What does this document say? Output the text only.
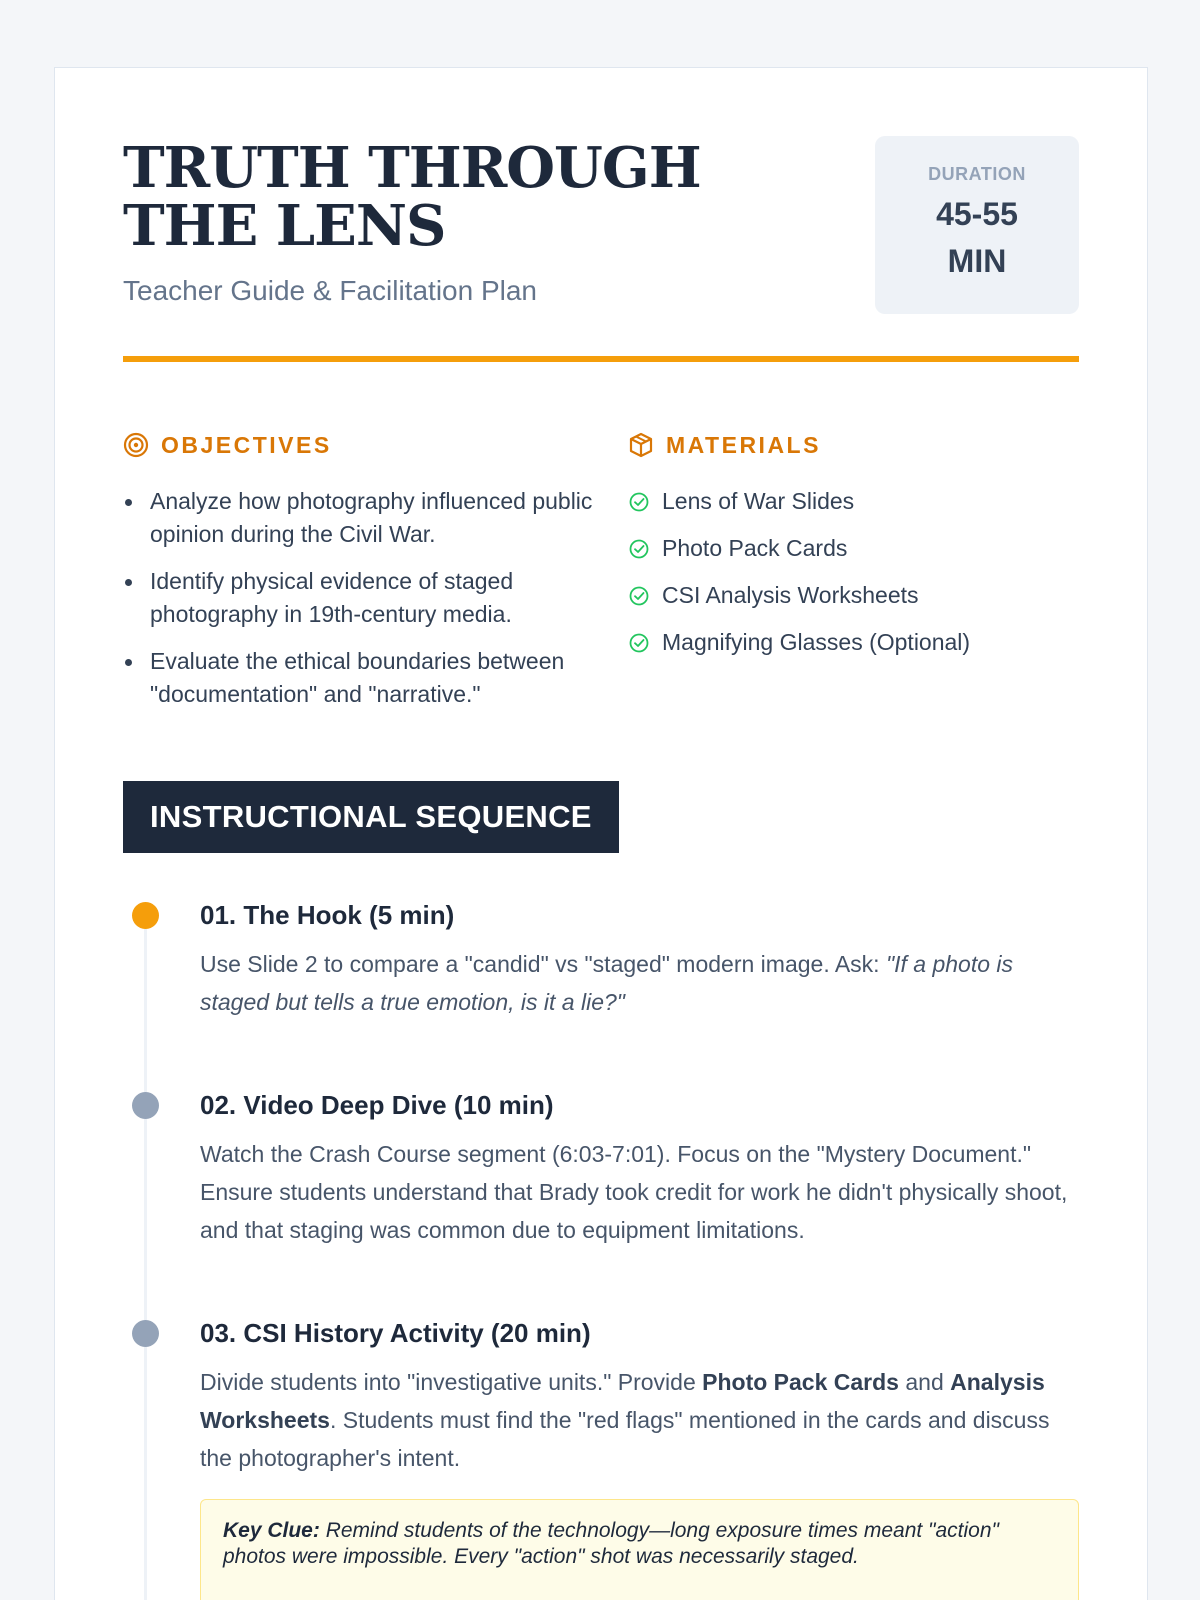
TRUTH THROUGH THE LENS
Teacher Guide & Facilitation Plan
DURATION
45-55 MIN
OBJECTIVES
Analyze how photography influenced public opinion during the Civil War.
Identify physical evidence of staged photography in 19th-century media.
Evaluate the ethical boundaries between "documentation" and "narrative."
MATERIALS
Lens of War Slides
Photo Pack Cards
CSI Analysis Worksheets
Magnifying Glasses (Optional)
INSTRUCTIONAL SEQUENCE
01. The Hook (5 min)
Use Slide 2 to compare a "candid" vs "staged" modern image. Ask: "If a photo is staged but tells a true emotion, is it a lie?"
02. Video Deep Dive (10 min)
Watch the Crash Course segment (6:03-7:01). Focus on the "Mystery Document." Ensure students understand that Brady took credit for work he didn't physically shoot, and that staging was common due to equipment limitations.
03. CSI History Activity (20 min)
Divide students into "investigative units." Provide Photo Pack Cards and Analysis Worksheets. Students must find the "red flags" mentioned in the cards and discuss the photographer's intent.
Key Clue: Remind students of the technology—long exposure times meant "action" photos were impossible. Every "action" shot was necessarily staged.
